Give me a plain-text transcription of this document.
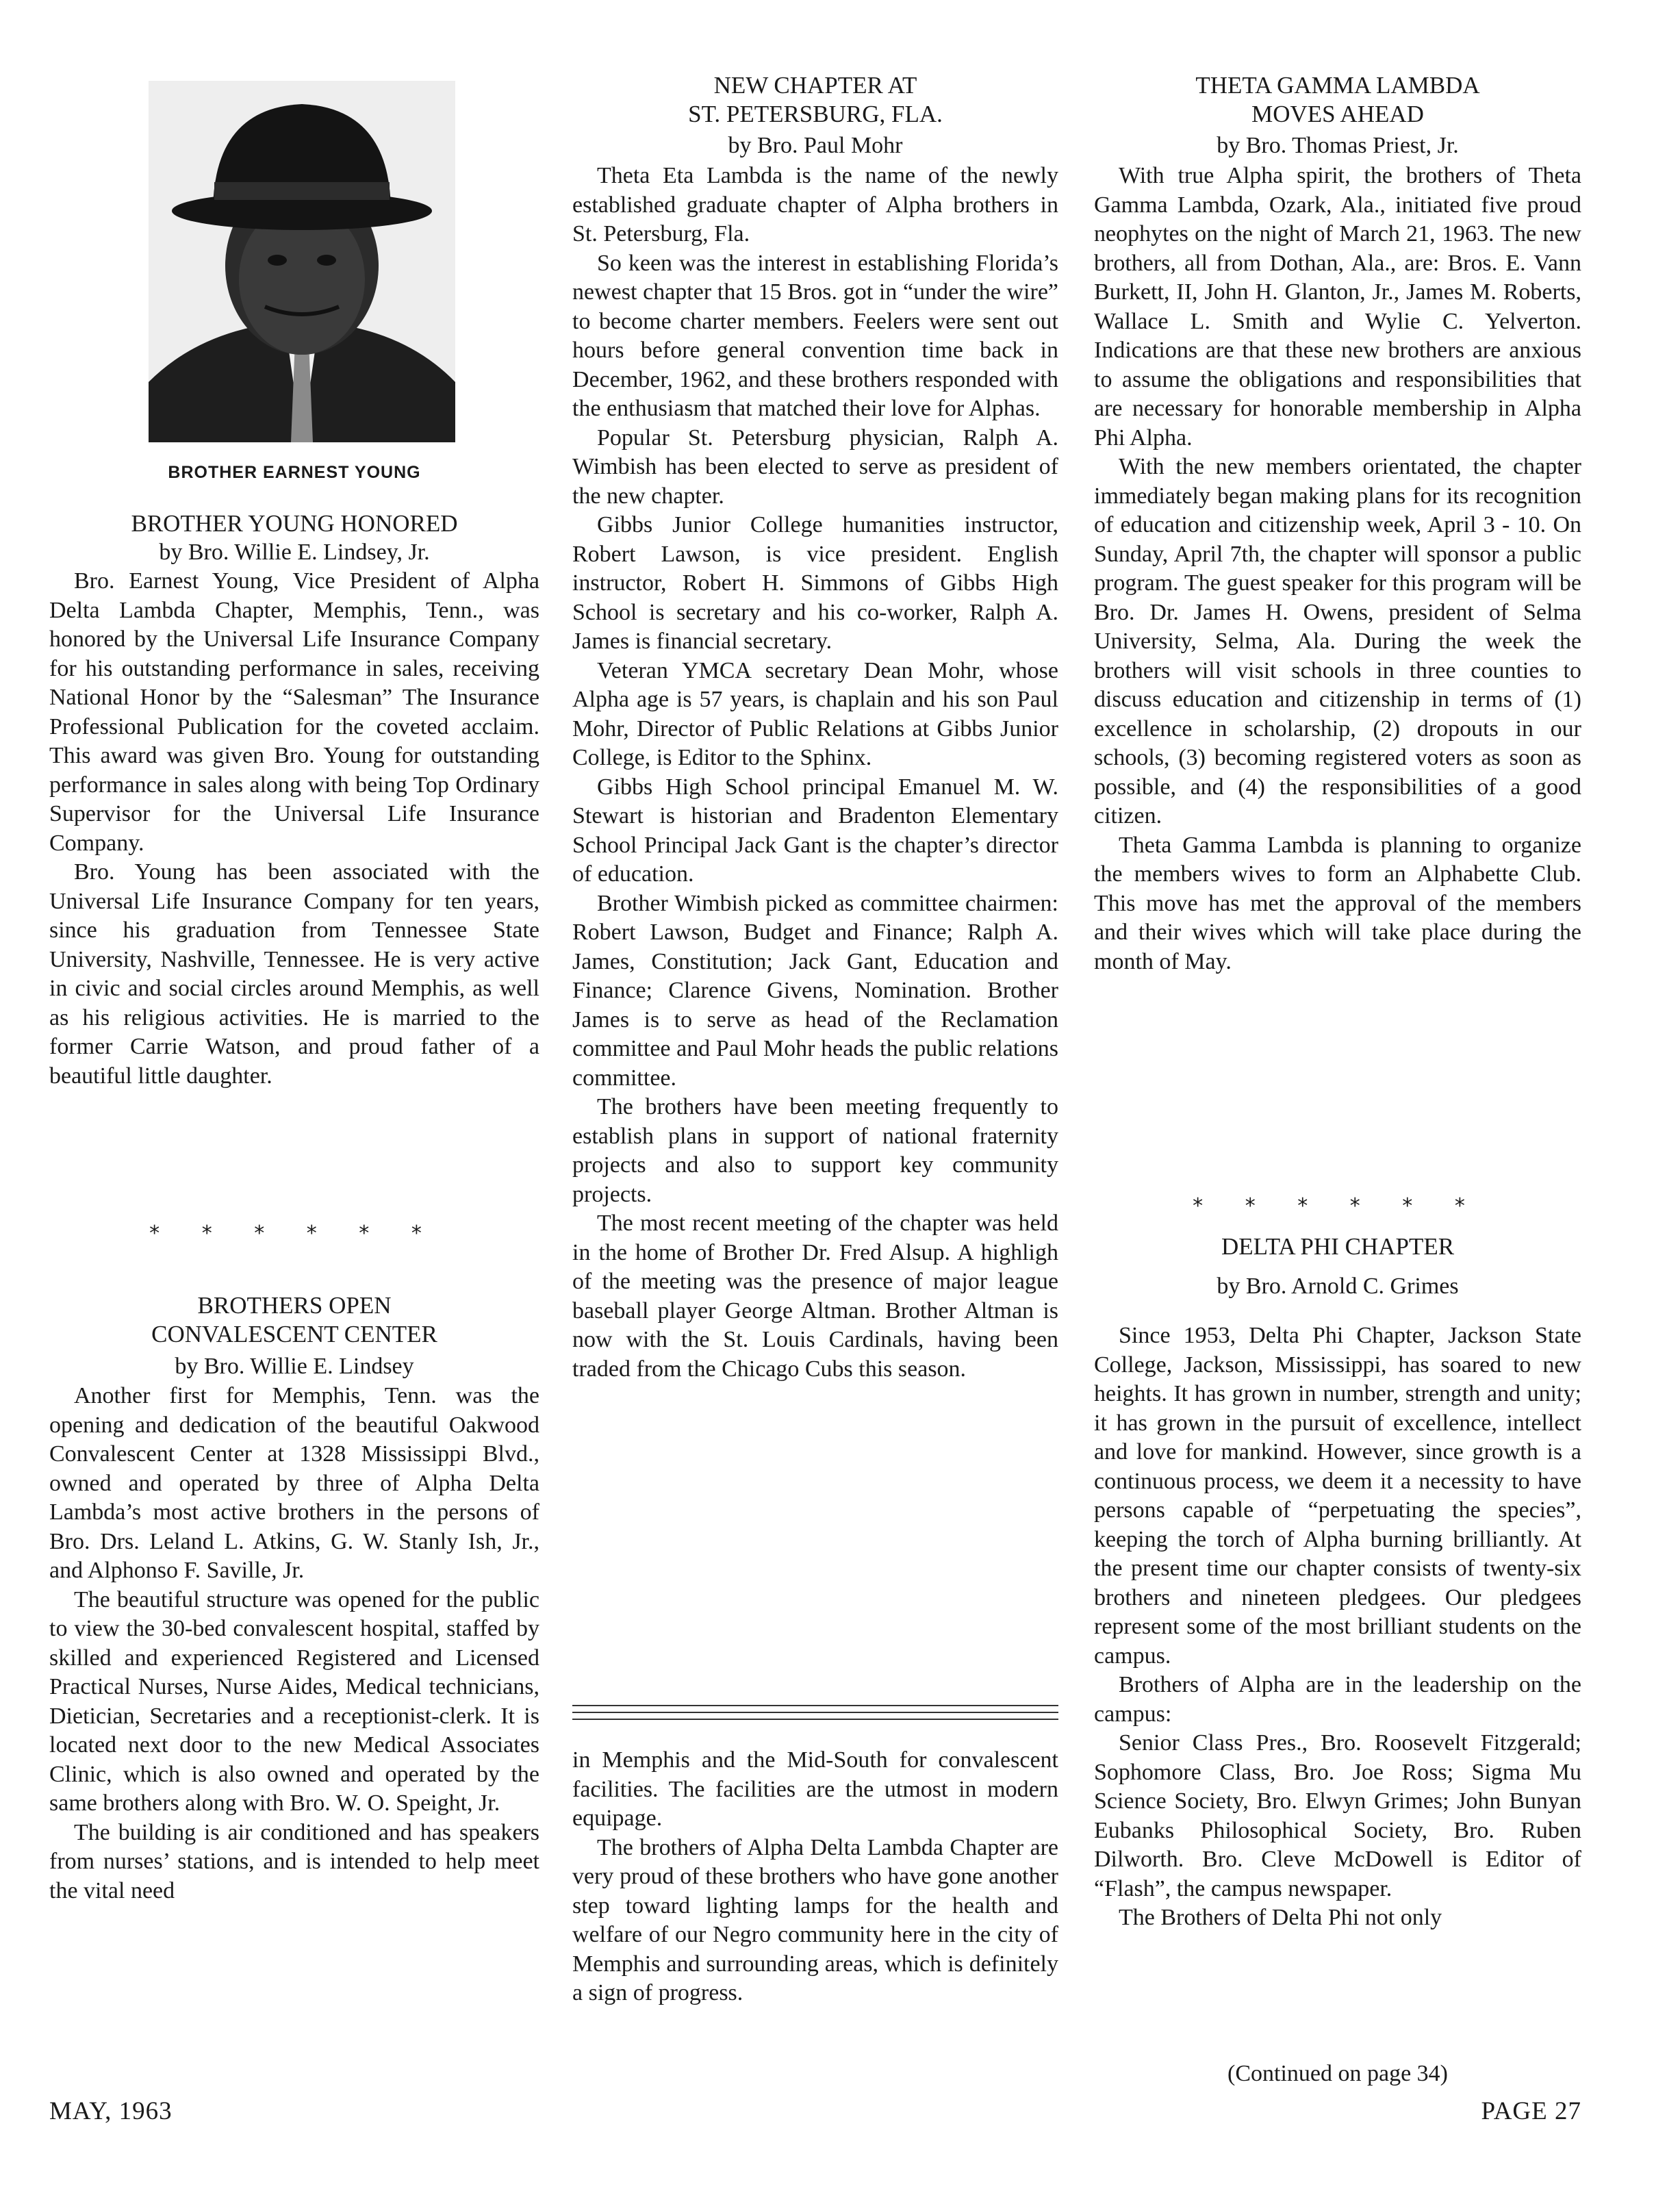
BROTHER EARNEST YOUNG
BROTHER YOUNG HONORED
by Bro. Willie E. Lindsey, Jr.

Bro. Earnest Young, Vice President of Alpha Delta Lambda Chapter, Memphis, Tenn., was honored by the Universal Life Insurance Company for his outstanding performance in sales, receiving National Honor by the “Salesman” The Insurance Professional Publication for the coveted acclaim. This award was given Bro. Young for outstanding performance in sales along with being Top Ordinary Supervisor for the Universal Life Insurance Company.

Bro. Young has been associated with the Universal Life Insurance Company for ten years, since his graduation from Tennessee State University, Nashville, Tennessee. He is very active in civic and social circles around Memphis, as well as his religious activities. He is married to the former Carrie Watson, and proud father of a beautiful little daughter.

* * * * * *
BROTHERS OPEN
CONVALESCENT CENTER
by Bro. Willie E. Lindsey

Another first for Memphis, Tenn. was the opening and dedication of the beautiful Oakwood Convalescent Center at 1328 Mississippi Blvd., owned and operated by three of Alpha Delta Lambda’s most active brothers in the persons of Bro. Drs. Leland L. Atkins, G. W. Stanly Ish, Jr., and Alphonso F. Saville, Jr.

The beautiful structure was opened for the public to view the 30-bed convalescent hospital, staffed by skilled and experienced Registered and Licensed Practical Nurses, Nurse Aides, Medical technicians, Dietician, Secretaries and a receptionist-clerk. It is located next door to the new Medical Associates Clinic, which is also owned and operated by the same brothers along with Bro. W. O. Speight, Jr.

The building is air conditioned and has speakers from nurses’ stations, and is intended to help meet the vital need

MAY, 1963
NEW CHAPTER AT
ST. PETERSBURG, FLA.
by Bro. Paul Mohr

Theta Eta Lambda is the name of the newly established graduate chapter of Alpha brothers in St. Petersburg, Fla.

So keen was the interest in establishing Florida’s newest chapter that 15 Bros. got in “under the wire” to become charter members. Feelers were sent out hours before general convention time back in December, 1962, and these brothers responded with the enthusiasm that matched their love for Alphas.

Popular St. Petersburg physician, Ralph A. Wimbish has been elected to serve as president of the new chapter.

Gibbs Junior College humanities instructor, Robert Lawson, is vice president. English instructor, Robert H. Simmons of Gibbs High School is secretary and his co-worker, Ralph A. James is financial secretary.

Veteran YMCA secretary Dean Mohr, whose Alpha age is 57 years, is chaplain and his son Paul Mohr, Director of Public Relations at Gibbs Junior College, is Editor to the Sphinx.

Gibbs High School principal Emanuel M. W. Stewart is historian and Bradenton Elementary School Principal Jack Gant is the chapter’s director of education.

Brother Wimbish picked as committee chairmen: Robert Lawson, Budget and Finance; Ralph A. James, Constitution; Jack Gant, Education and Finance; Clarence Givens, Nomination. Brother James is to serve as head of the Reclamation committee and Paul Mohr heads the public relations committee.

The brothers have been meeting frequently to establish plans in support of national fraternity projects and also to support key community projects.

The most recent meeting of the chapter was held in the home of Brother Dr. Fred Alsup. A highligh of the meeting was the presence of major league baseball player George Altman. Brother Altman is now with the St. Louis Cardinals, having been traded from the Chicago Cubs this season.

in Memphis and the Mid-South for convalescent facilities. The facilities are the utmost in modern equipage.

The brothers of Alpha Delta Lambda Chapter are very proud of these brothers who have gone another step toward lighting lamps for the health and welfare of our Negro community here in the city of Memphis and surrounding areas, which is definitely a sign of progress.

THETA GAMMA LAMBDA
MOVES AHEAD
by Bro. Thomas Priest, Jr.

With true Alpha spirit, the brothers of Theta Gamma Lambda, Ozark, Ala., initiated five proud neophytes on the night of March 21, 1963. The new brothers, all from Dothan, Ala., are: Bros. E. Vann Burkett, II, John H. Glanton, Jr., James M. Roberts, Wallace L. Smith and Wylie C. Yelverton. Indications are that these new brothers are anxious to assume the obligations and responsibilities that are necessary for honorable membership in Alpha Phi Alpha.

With the new members orientated, the chapter immediately began making plans for its recognition of education and citizenship week, April 3 - 10. On Sunday, April 7th, the chapter will sponsor a public program. The guest speaker for this program will be Bro. Dr. James H. Owens, president of Selma University, Selma, Ala. During the week the brothers will visit schools in three counties to discuss education and citizenship in terms of (1) excellence in scholarship, (2) dropouts in our schools, (3) becoming registered voters as soon as possible, and (4) the responsibilities of a good citizen.

Theta Gamma Lambda is planning to organize the members wives to form an Alphabette Club. This move has met the approval of the members and their wives which will take place during the month of May.

* * * * * *
DELTA PHI CHAPTER
by Bro. Arnold C. Grimes

Since 1953, Delta Phi Chapter, Jackson State College, Jackson, Mississippi, has soared to new heights. It has grown in number, strength and unity; it has grown in the pursuit of excellence, intellect and love for mankind. However, since growth is a continuous process, we deem it a necessity to have persons capable of “perpetuating the species”, keeping the torch of Alpha burning brilliantly. At the present time our chapter consists of twenty-six brothers and nineteen pledgees. Our pledgees represent some of the most brilliant students on the campus.

Brothers of Alpha are in the leadership on the campus:

Senior Class Pres., Bro. Roosevelt Fitzgerald; Sophomore Class, Bro. Joe Ross; Sigma Mu Science Society, Bro. Elwyn Grimes; John Bunyan Eubanks Philosophical Society, Bro. Ruben Dilworth. Bro. Cleve McDowell is Editor of “Flash”, the campus newspaper.

The Brothers of Delta Phi not only

(Continued on page 34)
PAGE 27
